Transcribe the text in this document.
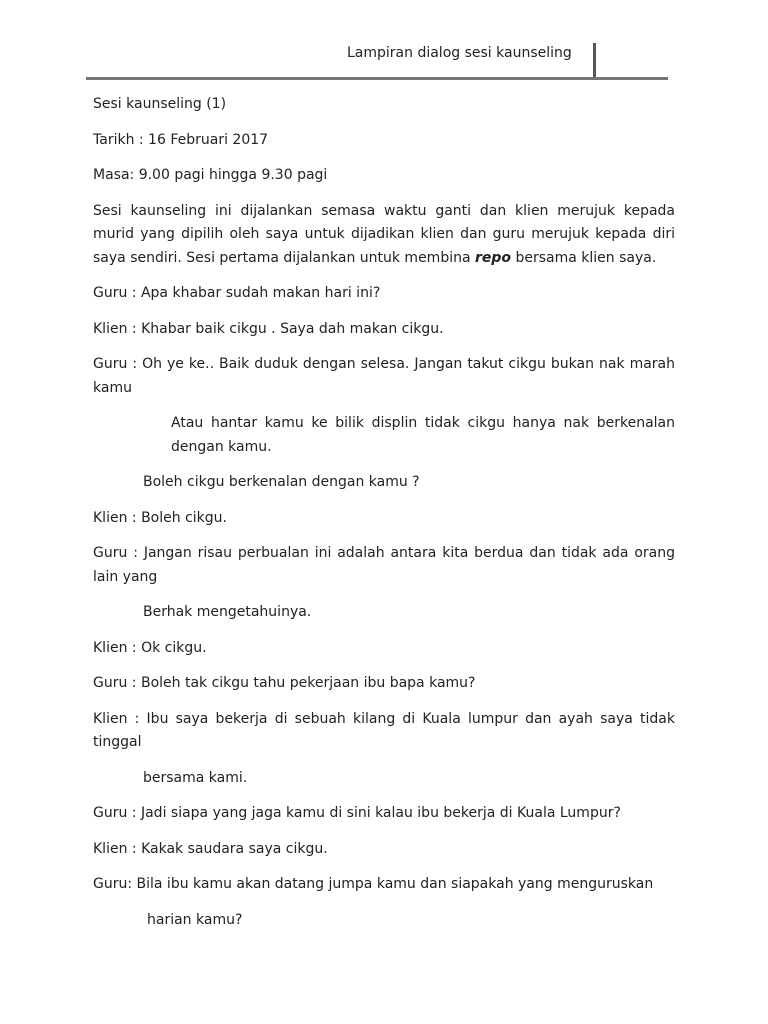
Lampiran dialog sesi kaunseling

Sesi kaunseling (1)

Tarikh : 16 Februari 2017

Masa: 9.00 pagi hingga 9.30 pagi

Sesi kaunseling ini dijalankan semasa waktu ganti dan klien merujuk kepada murid yang dipilih oleh saya untuk dijadikan klien dan guru merujuk kepada diri saya sendiri. Sesi pertama dijalankan untuk membina repo bersama klien saya.

Guru : Apa khabar sudah makan hari ini?

Klien : Khabar baik cikgu . Saya dah makan cikgu.

Guru : Oh ye ke.. Baik duduk dengan selesa. Jangan takut cikgu bukan nak marah kamu

Atau hantar kamu ke bilik displin tidak cikgu hanya nak berkenalan dengan kamu.

Boleh cikgu berkenalan dengan kamu ?

Klien : Boleh cikgu.

Guru : Jangan risau perbualan ini adalah antara kita berdua dan tidak ada orang lain yang

Berhak mengetahuinya.

Klien : Ok cikgu.

Guru : Boleh tak cikgu tahu pekerjaan ibu bapa kamu?

Klien : Ibu saya bekerja di sebuah kilang di Kuala lumpur dan ayah saya tidak tinggal

bersama kami.

Guru : Jadi siapa yang jaga kamu di sini kalau ibu bekerja di Kuala Lumpur?

Klien : Kakak saudara saya cikgu.

Guru: Bila ibu kamu akan datang jumpa kamu dan siapakah yang menguruskan

harian kamu?
